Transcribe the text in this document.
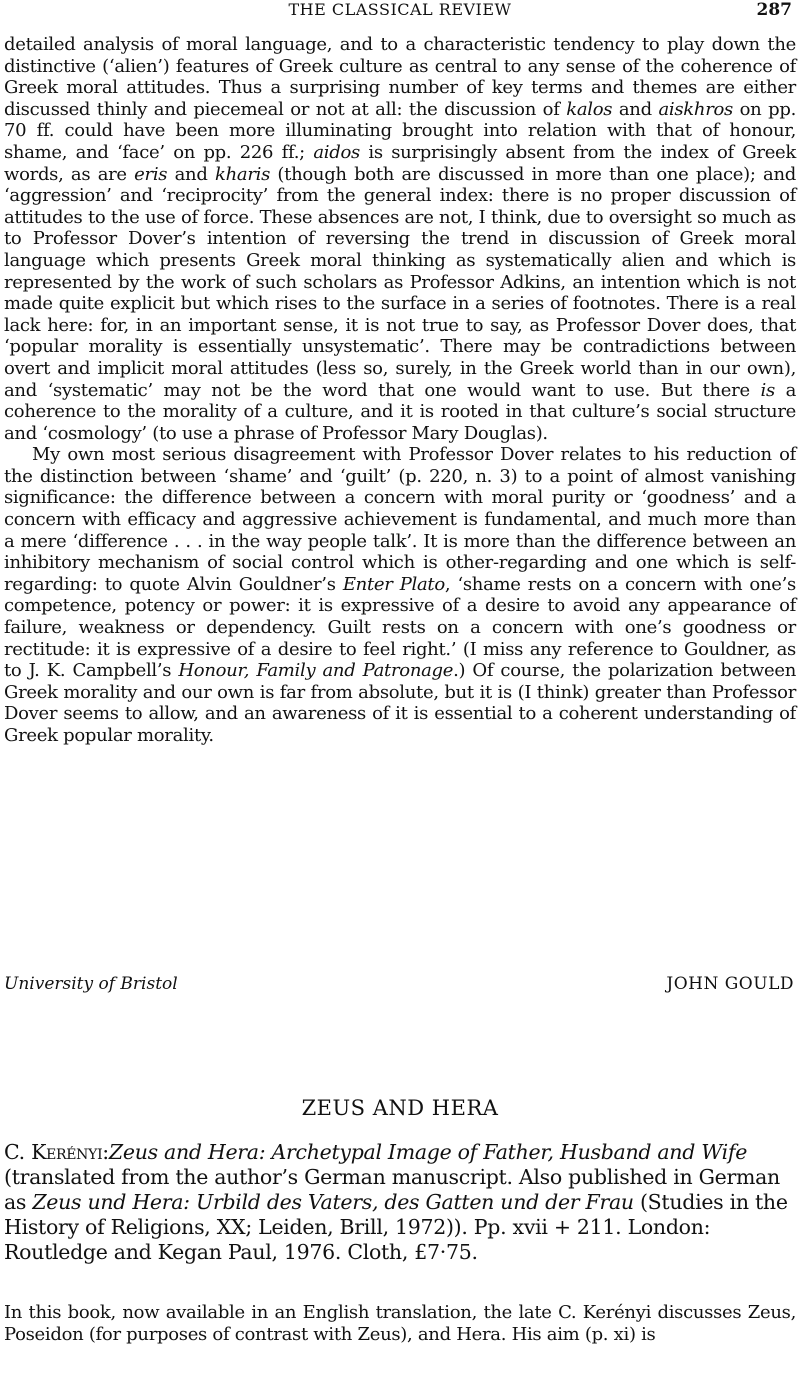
THE CLASSICAL REVIEW	287

detailed analysis of moral language, and to a characteristic tendency to play down the distinctive (‘alien’) features of Greek culture as central to any sense of the coherence of Greek moral attitudes. Thus a surprising number of key terms and themes are either discussed thinly and piecemeal or not at all: the discussion of kalos and aiskhros on pp. 70 ff. could have been more illuminating brought into relation with that of honour, shame, and ‘face’ on pp. 226 ff.; aidos is surprisingly absent from the index of Greek words, as are eris and kharis (though both are discussed in more than one place); and ‘aggression’ and ‘reciprocity’ from the general index: there is no proper discussion of attitudes to the use of force. These absences are not, I think, due to oversight so much as to Professor Dover’s intention of reversing the trend in discussion of Greek moral language which presents Greek moral thinking as systematically alien and which is represented by the work of such scholars as Professor Adkins, an intention which is not made quite explicit but which rises to the surface in a series of footnotes. There is a real lack here: for, in an important sense, it is not true to say, as Professor Dover does, that ‘popular morality is essentially unsystematic’. There may be contradictions between overt and implicit moral attitudes (less so, surely, in the Greek world than in our own), and ‘systematic’ may not be the word that one would want to use. But there is a coherence to the morality of a culture, and it is rooted in that culture’s social structure and ‘cosmology’ (to use a phrase of Professor Mary Douglas).

My own most serious disagreement with Professor Dover relates to his reduction of the distinction between ‘shame’ and ‘guilt’ (p. 220, n. 3) to a point of almost vanishing significance: the difference between a concern with moral purity or ‘goodness’ and a concern with efficacy and aggressive achievement is fundamental, and much more than a mere ‘difference . . . in the way people talk’. It is more than the difference between an inhibitory mechanism of social control which is other-regarding and one which is self-regarding: to quote Alvin Gouldner’s Enter Plato, ‘shame rests on a concern with one’s competence, potency or power: it is expressive of a desire to avoid any appearance of failure, weakness or dependency. Guilt rests on a concern with one’s goodness or rectitude: it is expressive of a desire to feel right.’ (I miss any reference to Gouldner, as to J. K. Campbell’s Honour, Family and Patronage.) Of course, the polarization between Greek morality and our own is far from absolute, but it is (I think) greater than Professor Dover seems to allow, and an awareness of it is essential to a coherent understanding of Greek popular morality.

University of Bristol	JOHN GOULD
ZEUS AND HERA

C. Kerényi:Zeus and Hera: Archetypal Image of Father, Husband and Wife (translated from the author’s German manuscript. Also published in German as Zeus und Hera: Urbild des Vaters, des Gatten und der Frau (Studies in the History of Religions, XX; Leiden, Brill, 1972)). Pp. xvii + 211. London: Routledge and Kegan Paul, 1976. Cloth, £7·75.

In this book, now available in an English translation, the late C. Kerényi discusses Zeus, Poseidon (for purposes of contrast with Zeus), and Hera. His aim (p. xi) is
